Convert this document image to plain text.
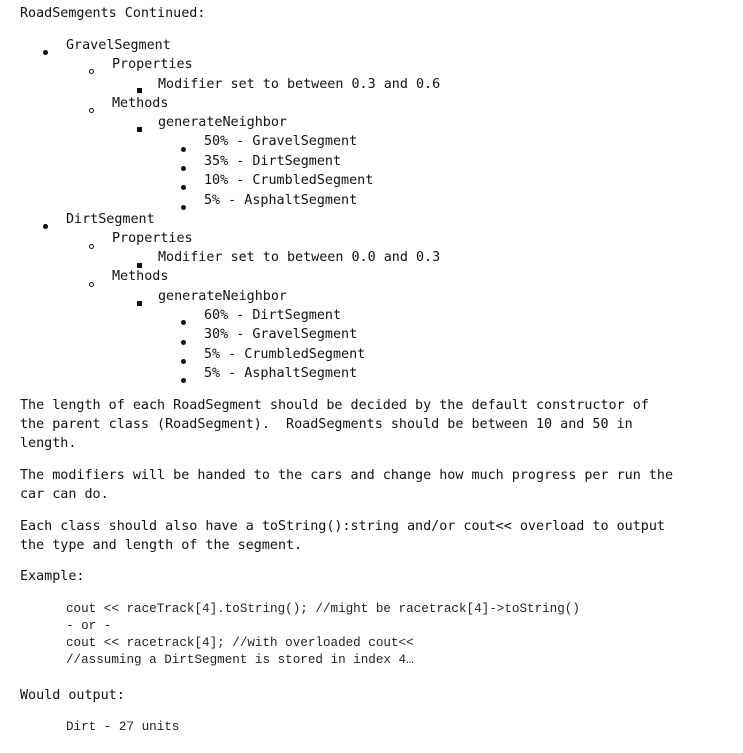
RoadSemgents Continued:
GravelSegment
Properties
Modifier set to between 0.3 and 0.6
Methods
generateNeighbor
50% - GravelSegment
35% - DirtSegment
10% - CrumbledSegment
5% - AsphaltSegment
DirtSegment
Properties
Modifier set to between 0.0 and 0.3
Methods
generateNeighbor
60% - DirtSegment
30% - GravelSegment
5% - CrumbledSegment
5% - AsphaltSegment
The length of each RoadSegment should be decided by the default constructor of
the parent class (RoadSegment).  RoadSegments should be between 10 and 50 in
length.
The modifiers will be handed to the cars and change how much progress per run the
car can do.
Each class should also have a toString():string and/or cout<< overload to output
the type and length of the segment.
Example:
cout << raceTrack[4].toString(); //might be racetrack[4]->toString()
- or -
cout << racetrack[4]; //with overloaded cout<<
//assuming a DirtSegment is stored in index 4…
Would output:
Dirt - 27 units
